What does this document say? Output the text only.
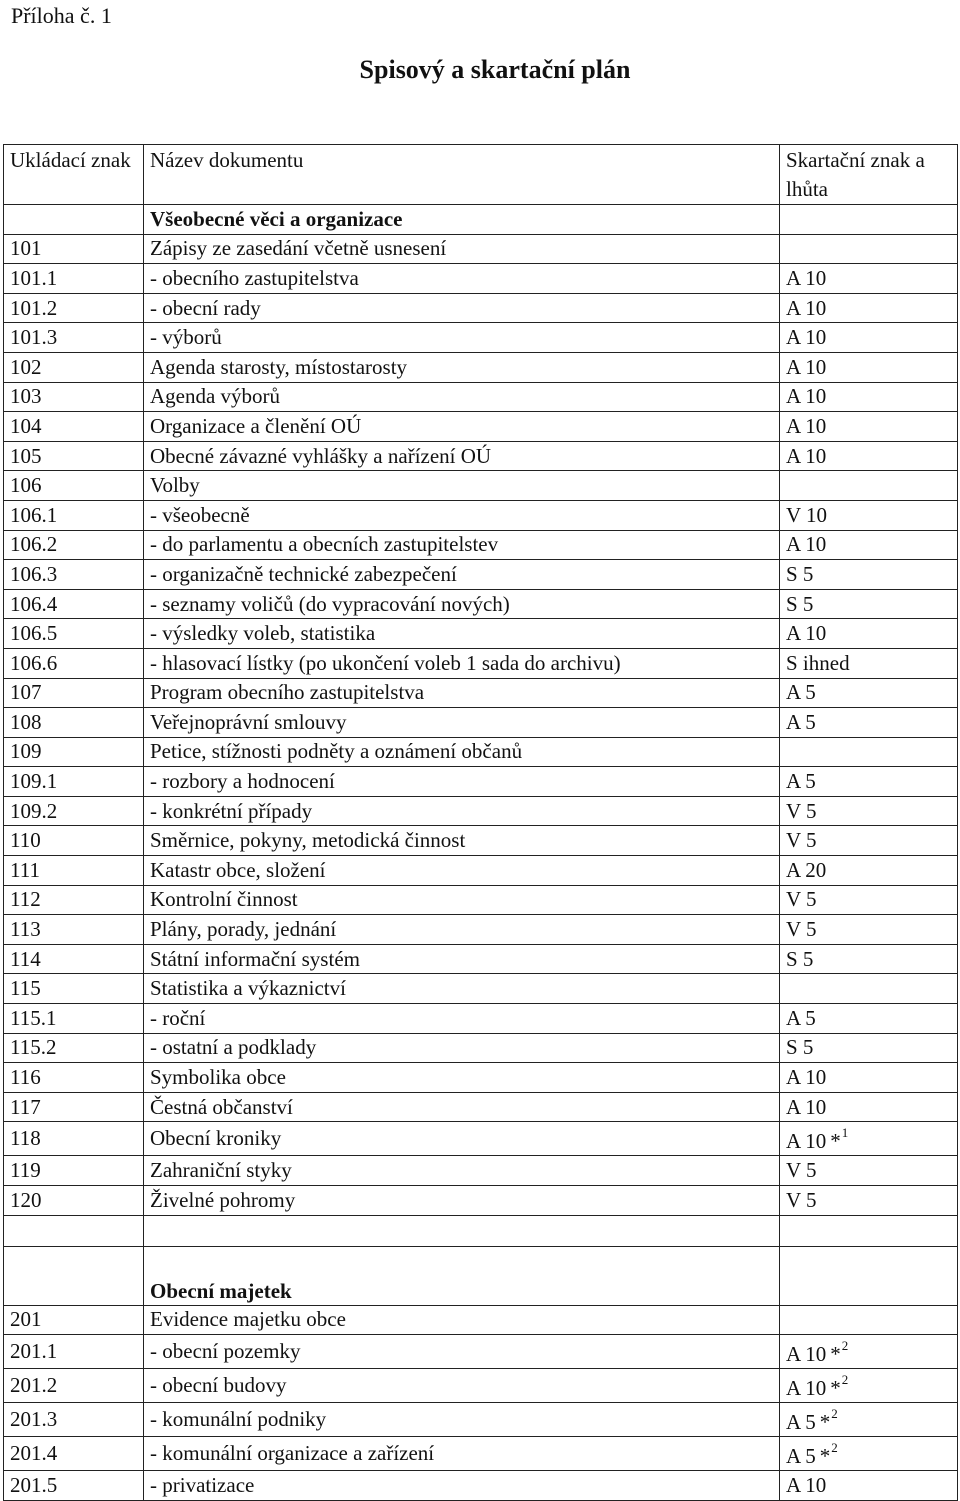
Příloha č. 1
Spisový a skartační plán
Ukládací znak	Název dokumentu	Skartační znak a lhůta
	Všeobecné věci a organizace	
101	Zápisy ze zasedání včetně usnesení	
101.1	- obecního zastupitelstva	A 10
101.2	- obecní rady	A 10
101.3	- výborů	A 10
102	Agenda starosty, místostarosty	A 10
103	Agenda výborů	A 10
104	Organizace a členění OÚ	A 10
105	Obecné závazné vyhlášky a nařízení OÚ	A 10
106	Volby	
106.1	- všeobecně	V 10
106.2	- do parlamentu a obecních zastupitelstev	A 10
106.3	- organizačně technické zabezpečení	S 5
106.4	- seznamy voličů (do vypracování nových)	S 5
106.5	- výsledky voleb, statistika	A 10
106.6	- hlasovací lístky (po ukončení voleb 1 sada do archivu)	S ihned
107	Program obecního zastupitelstva	A 5
108	Veřejnoprávní smlouvy	A 5
109	Petice, stížnosti podněty a oznámení občanů	
109.1	- rozbory a hodnocení	A 5
109.2	- konkrétní případy	V 5
110	Směrnice, pokyny, metodická činnost	V 5
111	Katastr obce, složení	A 20
112	Kontrolní činnost	V 5
113	Plány, porady, jednání	V 5
114	Státní informační systém	S 5
115	Statistika a výkaznictví	
115.1	- roční	A 5
115.2	- ostatní a podklady	S 5
116	Symbolika obce	A 10
117	Čestná občanství	A 10
118	Obecní kroniky	A 10 *$^1$
119	Zahraniční styky	V 5
120	Živelné pohromy	V 5

	Obecní majetek	
201	Evidence majetku obce	
201.1	- obecní pozemky	A 10 *$^2$
201.2	- obecní budovy	A 10 *$^2$
201.3	- komunální podniky	A 5 *$^2$
201.4	- komunální organizace a zařízení	A 5 *$^2$
201.5	- privatizace	A 10
